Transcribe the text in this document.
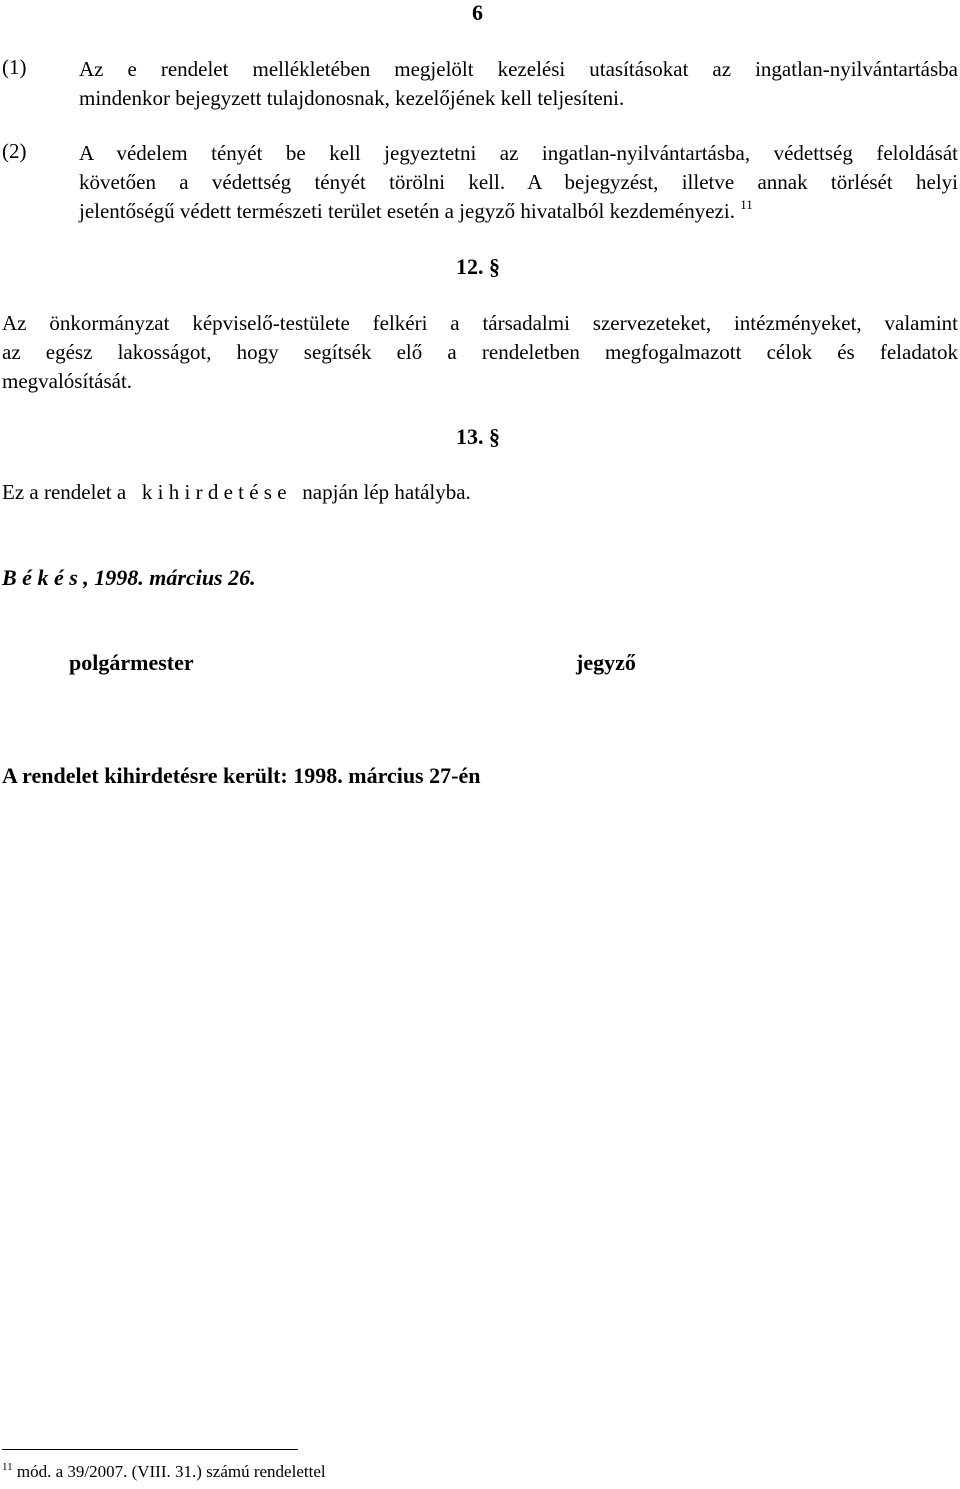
6
(1)	Az e rendelet mellékletében megjelölt kezelési utasításokat az ingatlan-nyilvántartásba
mindenkor bejegyzett tulajdonosnak, kezelőjének kell teljesíteni.
(2)	A védelem tényét be kell jegyeztetni az ingatlan-nyilvántartásba, védettség feloldását
követően a védettség tényét törölni kell. A bejegyzést, illetve annak törlését helyi
jelentőségű védett természeti terület esetén a jegyző hivatalból kezdeményezi. $^{11}$
12. §
Az önkormányzat képviselő-testülete felkéri a társadalmi szervezeteket, intézményeket, valamint
az egész lakosságot, hogy segítsék elő a rendeletben megfogalmazott célok és feladatok
megvalósítását.
13. §
Ez a rendelet a   k i h i r d e t é s e   napján lép hatályba.
B é k é s , 1998. március 26.
polgármester	jegyző
A rendelet kihirdetésre került: 1998. március 27-én
$^{11}$ mód. a 39/2007. (VIII. 31.) számú rendelettel
